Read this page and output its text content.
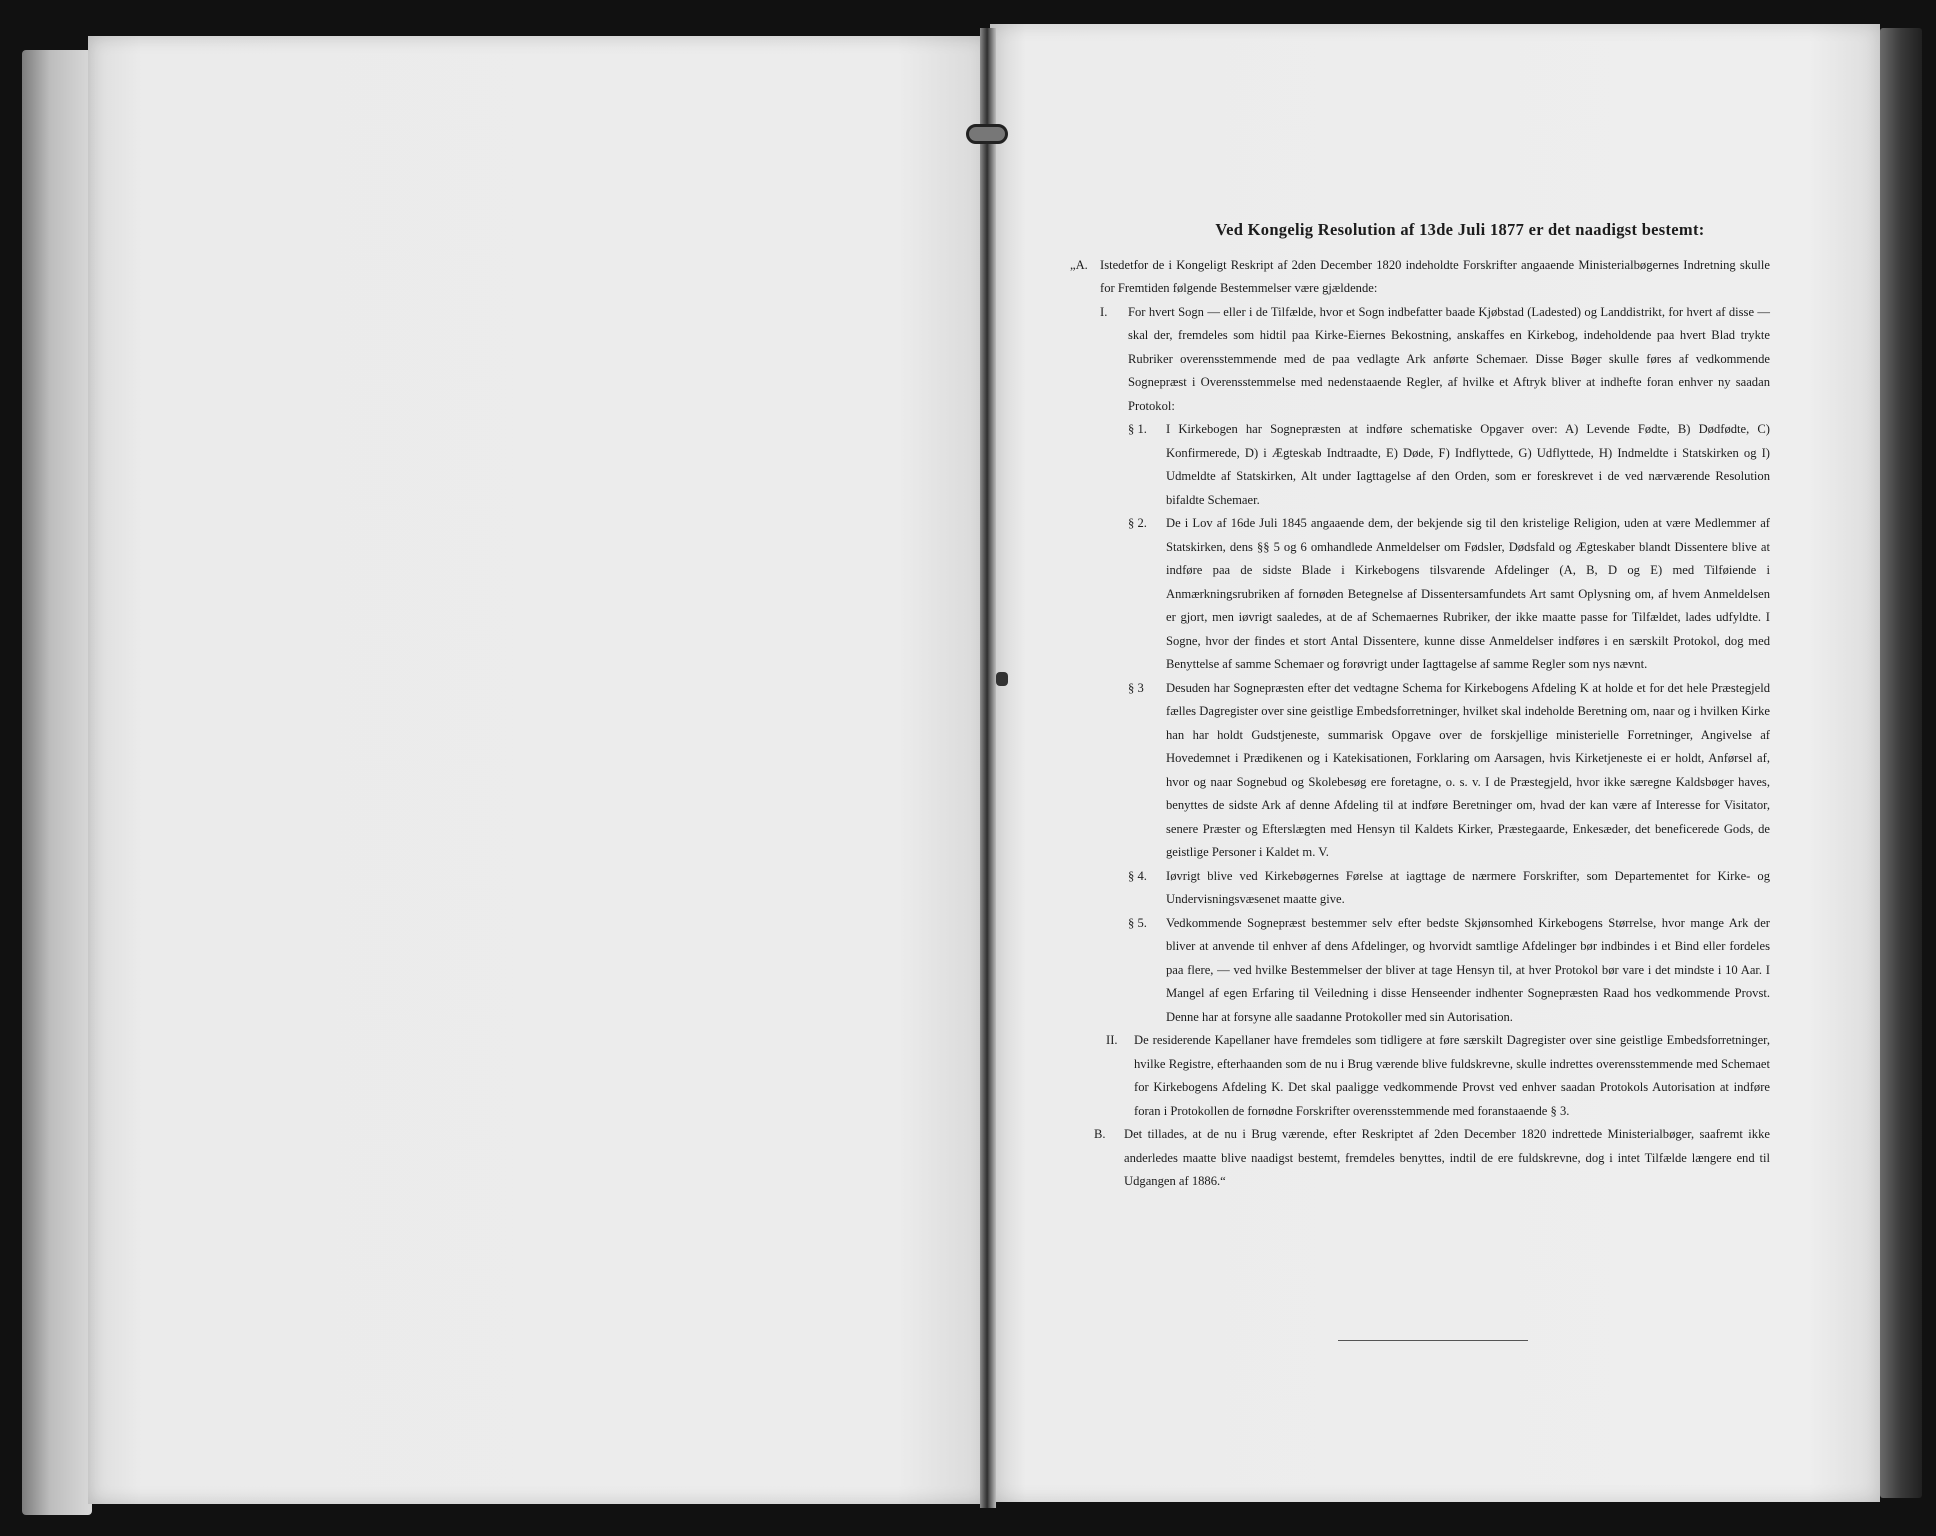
Ved Kongelig Resolution af 13de Juli 1877 er det naadigst bestemt:
„A. Istedetfor de i Kongeligt Reskript af 2den December 1820 indeholdte Forskrifter angaaende Ministerialbøgernes Indretning skulle for Fremtiden følgende Bestemmelser være gjældende:
I.	For hvert Sogn — eller i de Tilfælde, hvor et Sogn indbefatter baade Kjøbstad (Ladested) og Landdistrikt, for hvert af disse — skal der, fremdeles som hidtil paa Kirke-Eiernes Bekostning, anskaffes en Kirkebog, indeholdende paa hvert Blad trykte Rubriker overensstemmende med de paa vedlagte Ark anførte Schemaer. Disse Bøger skulle føres af vedkommende Sognepræst i Overensstemmelse med nedenstaaende Regler, af hvilke et Aftryk bliver at indhefte foran enhver ny saadan Protokol:
§ 1.	I Kirkebogen har Sognepræsten at indføre schematiske Opgaver over: A) Levende Fødte, B) Dødfødte, C) Konfirmerede, D) i Ægteskab Indtraadte, E) Døde, F) Indflyttede, G) Udflyttede, H) Indmeldte i Statskirken og I) Udmeldte af Statskirken, Alt under Iagttagelse af den Orden, som er foreskrevet i de ved nærværende Resolution bifaldte Schemaer.
§ 2.	De i Lov af 16de Juli 1845 angaaende dem, der bekjende sig til den kristelige Religion, uden at være Medlemmer af Statskirken, dens §§ 5 og 6 omhandlede Anmeldelser om Fødsler, Dødsfald og Ægteskaber blandt Dissentere blive at indføre paa de sidste Blade i Kirkebogens tilsvarende Afdelinger (A, B, D og E) med Tilføiende i Anmærkningsrubriken af fornøden Betegnelse af Dissentersamfundets Art samt Oplysning om, af hvem Anmeldelsen er gjort, men iøvrigt saaledes, at de af Schemaernes Rubriker, der ikke maatte passe for Tilfældet, lades udfyldte. I Sogne, hvor der findes et stort Antal Dissentere, kunne disse Anmeldelser indføres i en særskilt Protokol, dog med Benyttelse af samme Schemaer og forøvrigt under Iagttagelse af samme Regler som nys nævnt.
§ 3	Desuden har Sognepræsten efter det vedtagne Schema for Kirkebogens Afdeling K at holde et for det hele Præstegjeld fælles Dagregister over sine geistlige Embedsforretninger, hvilket skal indeholde Beretning om, naar og i hvilken Kirke han har holdt Gudstjeneste, summarisk Opgave over de forskjellige ministerielle Forretninger, Angivelse af Hovedemnet i Prædikenen og i Katekisationen, Forklaring om Aarsagen, hvis Kirketjeneste ei er holdt, Anførsel af, hvor og naar Sognebud og Skolebesøg ere foretagne, o. s. v. I de Præstegjeld, hvor ikke særegne Kaldsbøger haves, benyttes de sidste Ark af denne Afdeling til at indføre Beretninger om, hvad der kan være af Interesse for Visitator, senere Præster og Efterslægten med Hensyn til Kaldets Kirker, Præstegaarde, Enkesæder, det beneficerede Gods, de geistlige Personer i Kaldet m. V.
§ 4.	Iøvrigt blive ved Kirkebøgernes Førelse at iagttage de nærmere Forskrifter, som Departementet for Kirke- og Undervisningsvæsenet maatte give.
§ 5.	Vedkommende Sognepræst bestemmer selv efter bedste Skjønsomhed Kirkebogens Størrelse, hvor mange Ark der bliver at anvende til enhver af dens Afdelinger, og hvorvidt samtlige Afdelinger bør indbindes i et Bind eller fordeles paa flere, — ved hvilke Bestemmelser der bliver at tage Hensyn til, at hver Protokol bør vare i det mindste i 10 Aar. I Mangel af egen Erfaring til Veiledning i disse Henseender indhenter Sognepræsten Raad hos vedkommende Provst. Denne har at forsyne alle saadanne Protokoller med sin Autorisation.
II.	De residerende Kapellaner have fremdeles som tidligere at føre særskilt Dagregister over sine geistlige Embedsforretninger, hvilke Registre, efterhaanden som de nu i Brug værende blive fuldskrevne, skulle indrettes overensstemmende med Schemaet for Kirkebogens Afdeling K. Det skal paaligge vedkommende Provst ved enhver saadan Protokols Autorisation at indføre foran i Protokollen de fornødne Forskrifter overensstemmende med foranstaaende § 3.
B.	Det tillades, at de nu i Brug værende, efter Reskriptet af 2den December 1820 indrettede Ministerialbøger, saafremt ikke anderledes maatte blive naadigst bestemt, fremdeles benyttes, indtil de ere fuldskrevne, dog i intet Tilfælde længere end til Udgangen af 1886.“
